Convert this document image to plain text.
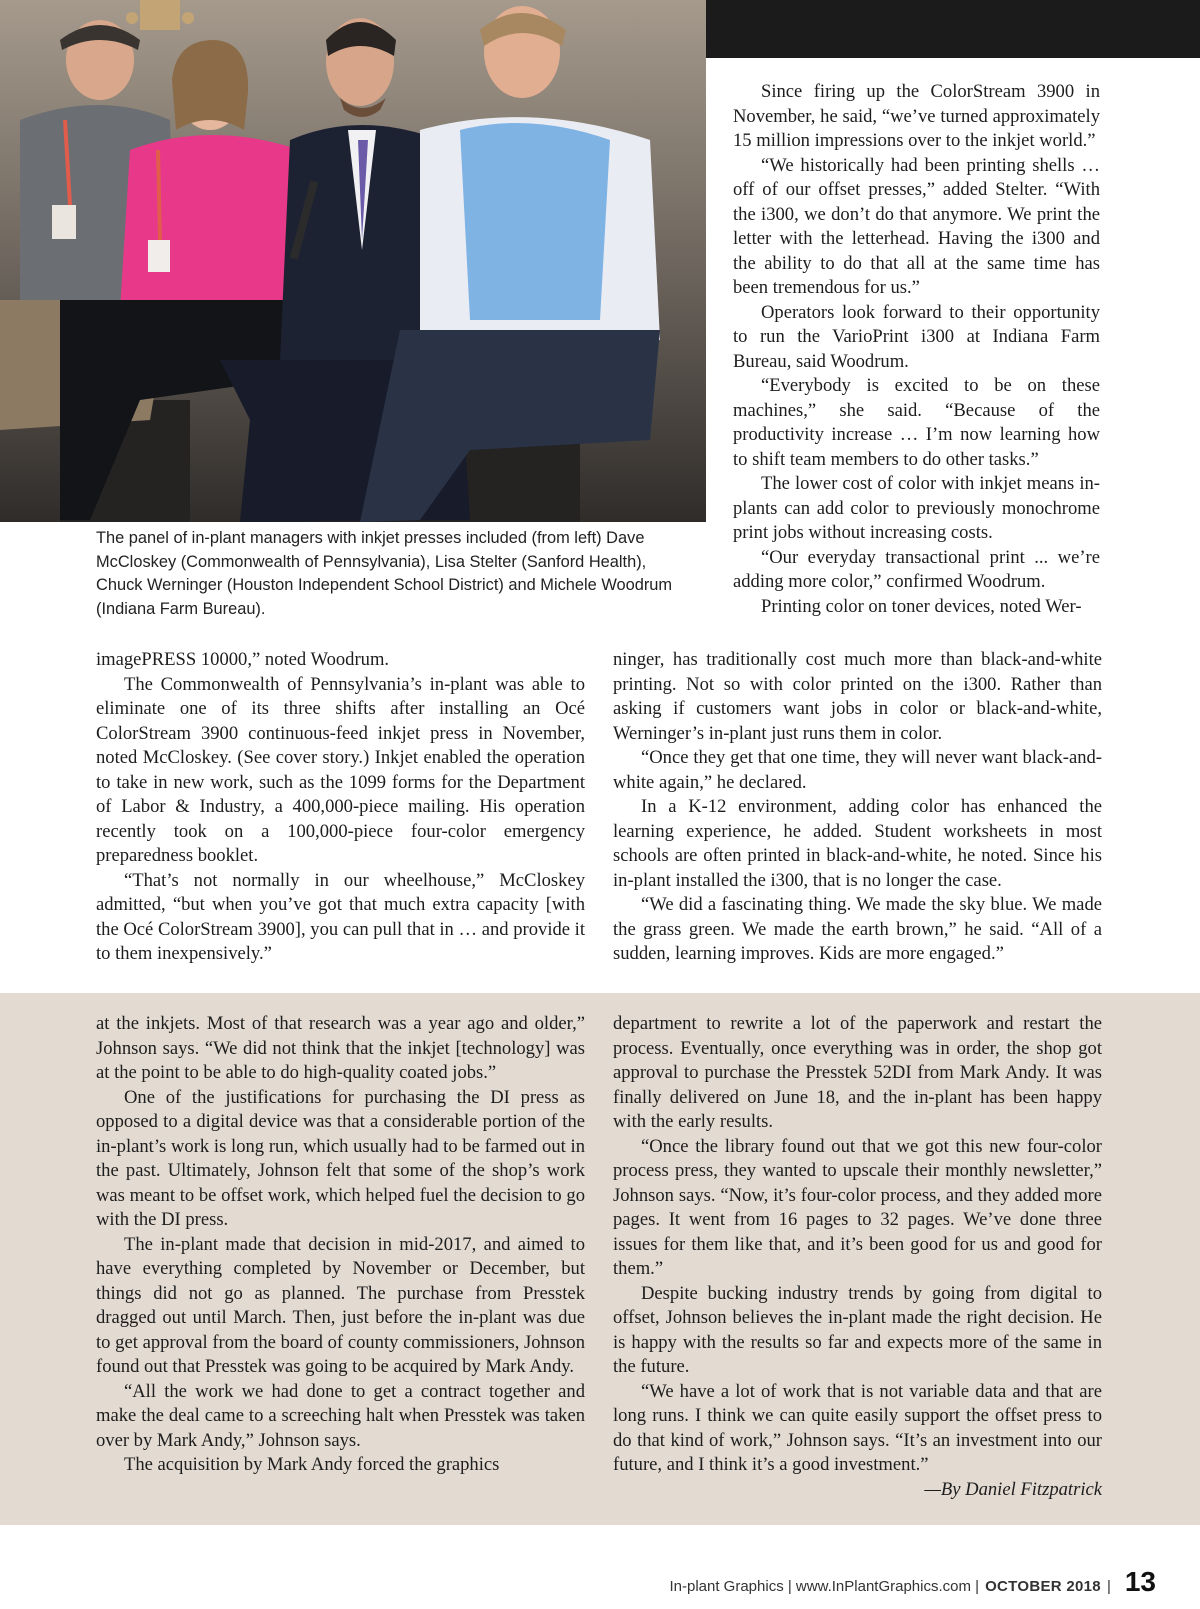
The panel of in-plant managers with inkjet presses included (from left) Dave McCloskey (Commonwealth of Pennsylvania), Lisa Stelter (Sanford Health), Chuck Werninger (Houston Independent School District) and Michele Woodrum (Indiana Farm Bureau).

Since firing up the ColorStream 3900 in November, he said, “we’ve turned approximately 15 million impressions over to the inkjet world.”

“We historically had been printing shells … off of our offset presses,” added Stelter. “With the i300, we don’t do that anymore. We print the letter with the letterhead. Having the i300 and the ability to do that all at the same time has been tremendous for us.”

Operators look forward to their opportunity to run the VarioPrint i300 at Indiana Farm Bureau, said Woodrum.

“Everybody is excited to be on these machines,” she said. “Because of the productivity increase … I’m now learning how to shift team members to do other tasks.”

The lower cost of color with inkjet means in-plants can add color to previously monochrome print jobs without increasing costs.

“Our everyday transactional print ... we’re adding more color,” confirmed Woodrum.

Printing color on toner devices, noted Wer-

imagePRESS 10000,” noted Woodrum.

The Commonwealth of Pennsylvania’s in-plant was able to eliminate one of its three shifts after installing an Océ ColorStream 3900 continuous-feed inkjet press in November, noted McCloskey. (See cover story.) Inkjet enabled the operation to take in new work, such as the 1099 forms for the Department of Labor & Industry, a 400,000-piece mailing. His operation recently took on a 100,000-piece four-color emergency preparedness booklet.

“That’s not normally in our wheelhouse,” McCloskey admitted, “but when you’ve got that much extra capacity [with the Océ ColorStream 3900], you can pull that in … and provide it to them inexpensively.”

ninger, has traditionally cost much more than black-and-white printing. Not so with color printed on the i300. Rather than asking if customers want jobs in color or black-and-white, Werninger’s in-plant just runs them in color.

“Once they get that one time, they will never want black-and-white again,” he declared.

In a K-12 environment, adding color has enhanced the learning experience, he added. Student worksheets in most schools are often printed in black-and-white, he noted. Since his in-plant installed the i300, that is no longer the case.

“We did a fascinating thing. We made the sky blue. We made the grass green. We made the earth brown,” he said. “All of a sudden, learning improves. Kids are more engaged.”

at the inkjets. Most of that research was a year ago and older,” Johnson says. “We did not think that the inkjet [technology] was at the point to be able to do high-quality coated jobs.”

One of the justifications for purchasing the DI press as opposed to a digital device was that a considerable portion of the in-plant’s work is long run, which usually had to be farmed out in the past. Ultimately, Johnson felt that some of the shop’s work was meant to be offset work, which helped fuel the decision to go with the DI press.

The in-plant made that decision in mid-2017, and aimed to have everything completed by November or December, but things did not go as planned. The purchase from Presstek dragged out until March. Then, just before the in-plant was due to get approval from the board of county commissioners, Johnson found out that Presstek was going to be acquired by Mark Andy.

“All the work we had done to get a contract together and make the deal came to a screeching halt when Presstek was taken over by Mark Andy,” Johnson says.

The acquisition by Mark Andy forced the graphics

department to rewrite a lot of the paperwork and restart the process. Eventually, once everything was in order, the shop got approval to purchase the Presstek 52DI from Mark Andy. It was finally delivered on June 18, and the in-plant has been happy with the early results.

“Once the library found out that we got this new four-color process press, they wanted to upscale their monthly newsletter,” Johnson says. “Now, it’s four-color process, and they added more pages. It went from 16 pages to 32 pages. We’ve done three issues for them like that, and it’s been good for us and good for them.”

Despite bucking industry trends by going from digital to offset, Johnson believes the in-plant made the right decision. He is happy with the results so far and expects more of the same in the future.

“We have a lot of work that is not variable data and that are long runs. I think we can quite easily support the offset press to do that kind of work,” Johnson says. “It’s an investment into our future, and I think it’s a good investment.”

—By Daniel Fitzpatrick

In-plant Graphics | www.InPlantGraphics.com | OCTOBER 2018 | 13
